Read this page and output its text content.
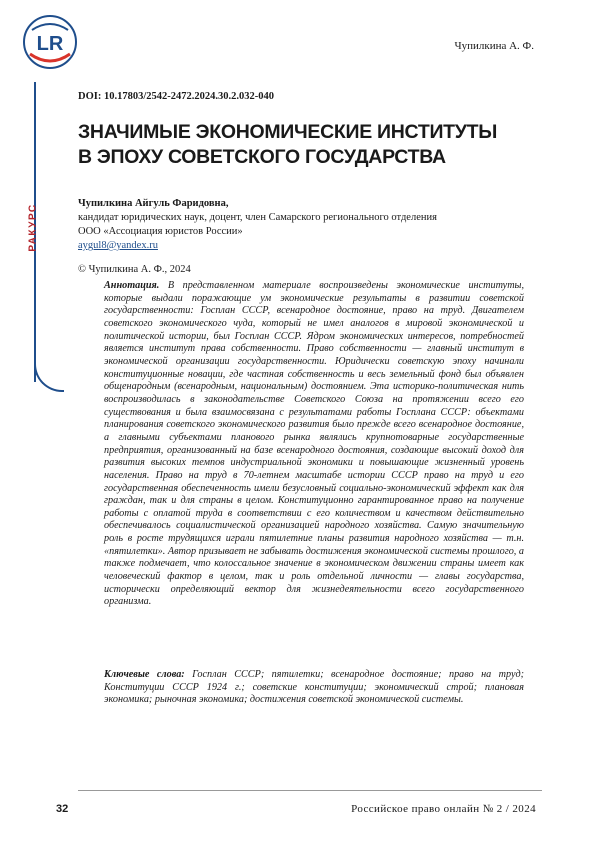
LR	Чупилкина А. Ф.
РАКУРС
DOI: 10.17803/2542-2472.2024.30.2.032-040
ЗНАЧИМЫЕ ЭКОНОМИЧЕСКИЕ ИНСТИТУТЫ
В ЭПОХУ СОВЕТСКОГО ГОСУДАРСТВА
Чупилкина Айгуль Фаридовна,
кандидат юридических наук, доцент, член Самарского регионального отделения
ООО «Ассоциация юристов России»
aygul8@yandex.ru
© Чупилкина А. Ф., 2024

Аннотация. В представленном материале воспроизведены экономические институты, которые выдали поражающие ум экономические результаты в развитии советской государственности: Госплан СССР, всенародное достояние, право на труд. Двигателем советского экономического чуда, который не имел аналогов в мировой экономической и политической истории, был Госплан СССР. Ядром экономических интересов, потребностей является институт права собственности. Право собственности — главный институт в экономической организации государственности. Юридически советскую эпоху начинали конституционные новации, где частная собственность и весь земельный фонд был объявлен общенародным (всенародным, национальным) достоянием. Эта историко-политическая нить воспроизводилась в законодательстве Советского Союза на протяжении всего его существования и была взаимосвязана с результатами работы Госплана СССР: объектами планирования советского экономического развития было прежде всего всенародное достояние, а главными субъектами планового рынка являлись крупнотоварные государственные предприятия, организованный на базе всенародного достояния, создающие высокий доход для развития высоких темпов индустриальной экономики и повышающие жизненный уровень населения. Право на труд в 70-летнем масштабе истории СССР право на труд и его государственная обеспеченность имели безусловный социально-экономический эффект как для граждан, так и для страны в целом. Конституционно гарантированное право на получение работы с оплатой труда в соответствии с его количеством и качеством действительно обеспечивалось социалистической организацией народного хозяйства. Самую значительную роль в росте трудящихся играли пятилетние планы развития народного хозяйства — т.н. «пятилетки». Автор призывает не забывать достижения экономической системы прошлого, а также подмечает, что колоссальное значение в экономическом движении страны имеет как человеческий фактор в целом, так и роль отдельной личности — главы государства, исторически определяющий вектор для жизнедеятельности всего государственного организма.

Ключевые слова: Госплан СССР; пятилетки; всенародное достояние; право на труд; Конституции СССР 1924 г.; советские конституции; экономический строй; плановая экономика; рыночная экономика; достижения советской экономической системы.

32	Российское право онлайн № 2 / 2024
